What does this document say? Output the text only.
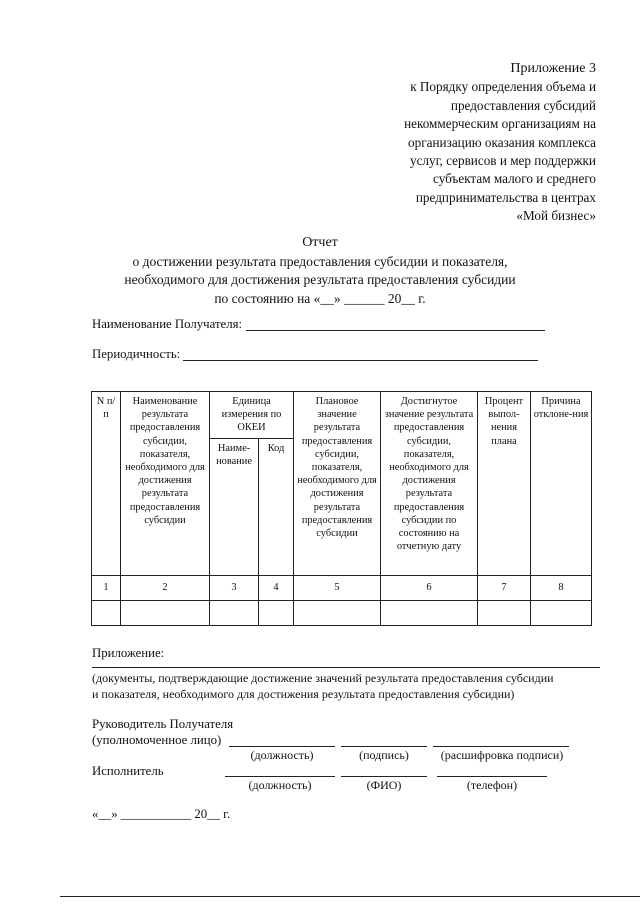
Приложение 3
к Порядку определения объема и
предоставления субсидий
некоммерческим организациям на
организацию оказания комплекса
услуг, сервисов и мер поддержки
субъектам малого и среднего
предпринимательства в центрах
«Мой бизнес»
Отчет
о достижении результата предоставления субсидии и показателя,
необходимого для достижения результата предоставления субсидии
по состоянию на «__» ______ 20__ г.
Наименование Получателя:
Периодичность:
N п/п	Наименование результата предоставления субсидии, показателя, необходимого для достижения результата предоставления субсидии	Единица измерения по ОКЕИ		Плановое значение результата предоставления субсидии, показателя, необходимого для достижения результата предоставления субсидии	Достигнутое значение результата предоставления субсидии, показателя, необходимого для достижения результата предоставления субсидии по состоянию на отчетную дату	Процент выпол-нения плана	Причина отклоне-ния
		Наиме-нование	Код				
1	2	3	4	5	6	7	8

Приложение:
(документы, подтверждающие достижение значений результата предоставления субсидии
и показателя, необходимого для достижения результата предоставления субсидии)
Руководитель Получателя
(уполномоченное лицо)
(должность)	(подпись)	(расшифровка подписи)
Исполнитель
(должность)	(ФИО)	(телефон)
«__» ___________ 20__ г.
